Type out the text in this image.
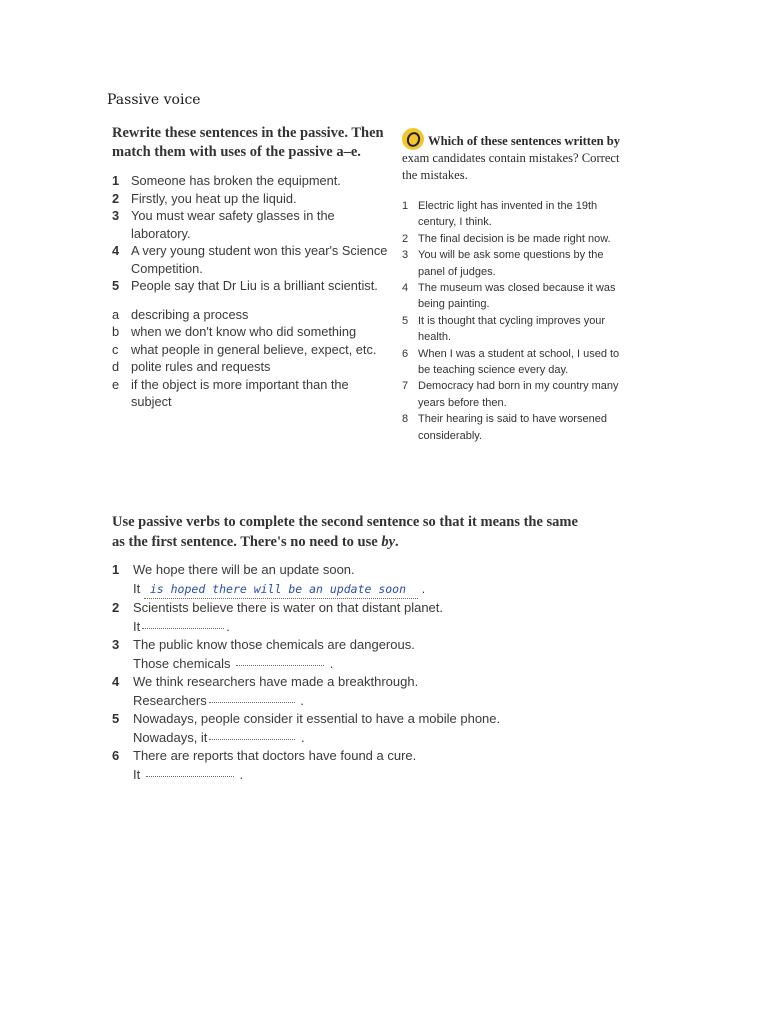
Passive voice
Rewrite these sentences in the passive. Then match them with uses of the passive a–e.
1 Someone has broken the equipment.
2 Firstly, you heat up the liquid.
3 You must wear safety glasses in the laboratory.
4 A very young student won this year's Science Competition.
5 People say that Dr Liu is a brilliant scientist.
a describing a process
b when we don't know who did something
c what people in general believe, expect, etc.
d polite rules and requests
e if the object is more important than the subject
Which of these sentences written by exam candidates contain mistakes? Correct the mistakes.
1 Electric light has invented in the 19th century, I think.
2 The final decision is be made right now.
3 You will be ask some questions by the panel of judges.
4 The museum was closed because it was being painting.
5 It is thought that cycling improves your health.
6 When I was a student at school, I used to be teaching science every day.
7 Democracy had born in my country many years before then.
8 Their hearing is said to have worsened considerably.
Use passive verbs to complete the second sentence so that it means the same as the first sentence. There's no need to use by.
1 We hope there will be an update soon.
It is hoped there will be an update soon .
2 Scientists believe there is water on that distant planet.
It	.
3 The public know those chemicals are dangerous.
Those chemicals	.
4 We think researchers have made a breakthrough.
Researchers	.
5 Nowadays, people consider it essential to have a mobile phone.
Nowadays, it	.
6 There are reports that doctors have found a cure.
It	.
